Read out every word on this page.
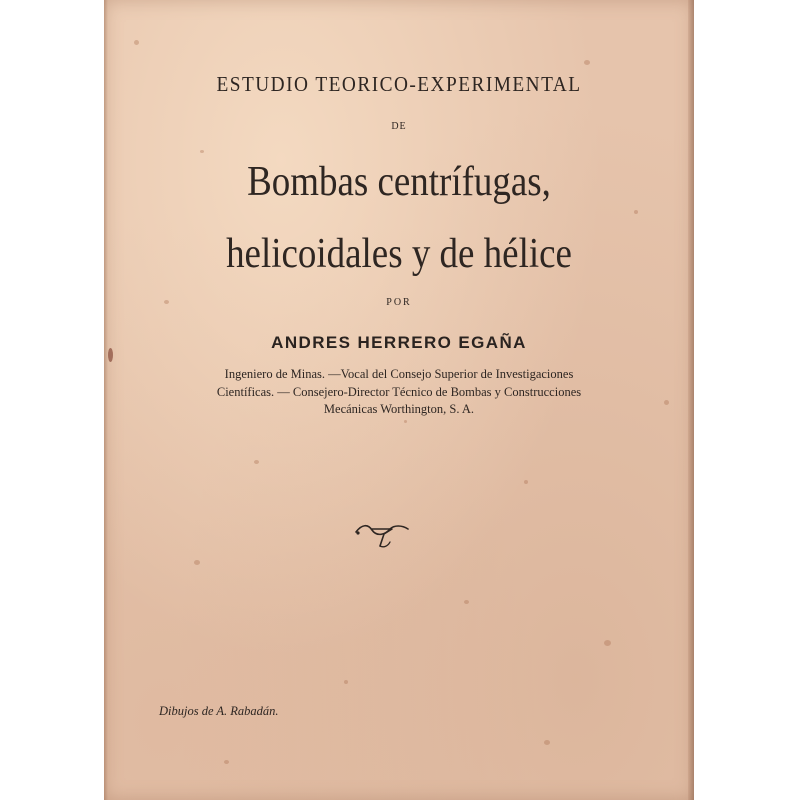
ESTUDIO TEORICO-EXPERIMENTAL
DE
Bombas centrífugas,
helicoidales y de hélice
POR
ANDRES HERRERO EGAÑA
Ingeniero de Minas. —Vocal del Consejo Superior de Investigaciones
Científicas. — Consejero-Director Técnico de Bombas y Construcciones
Mecánicas Worthington, S. A.
Dibujos de A. Rabadán.
